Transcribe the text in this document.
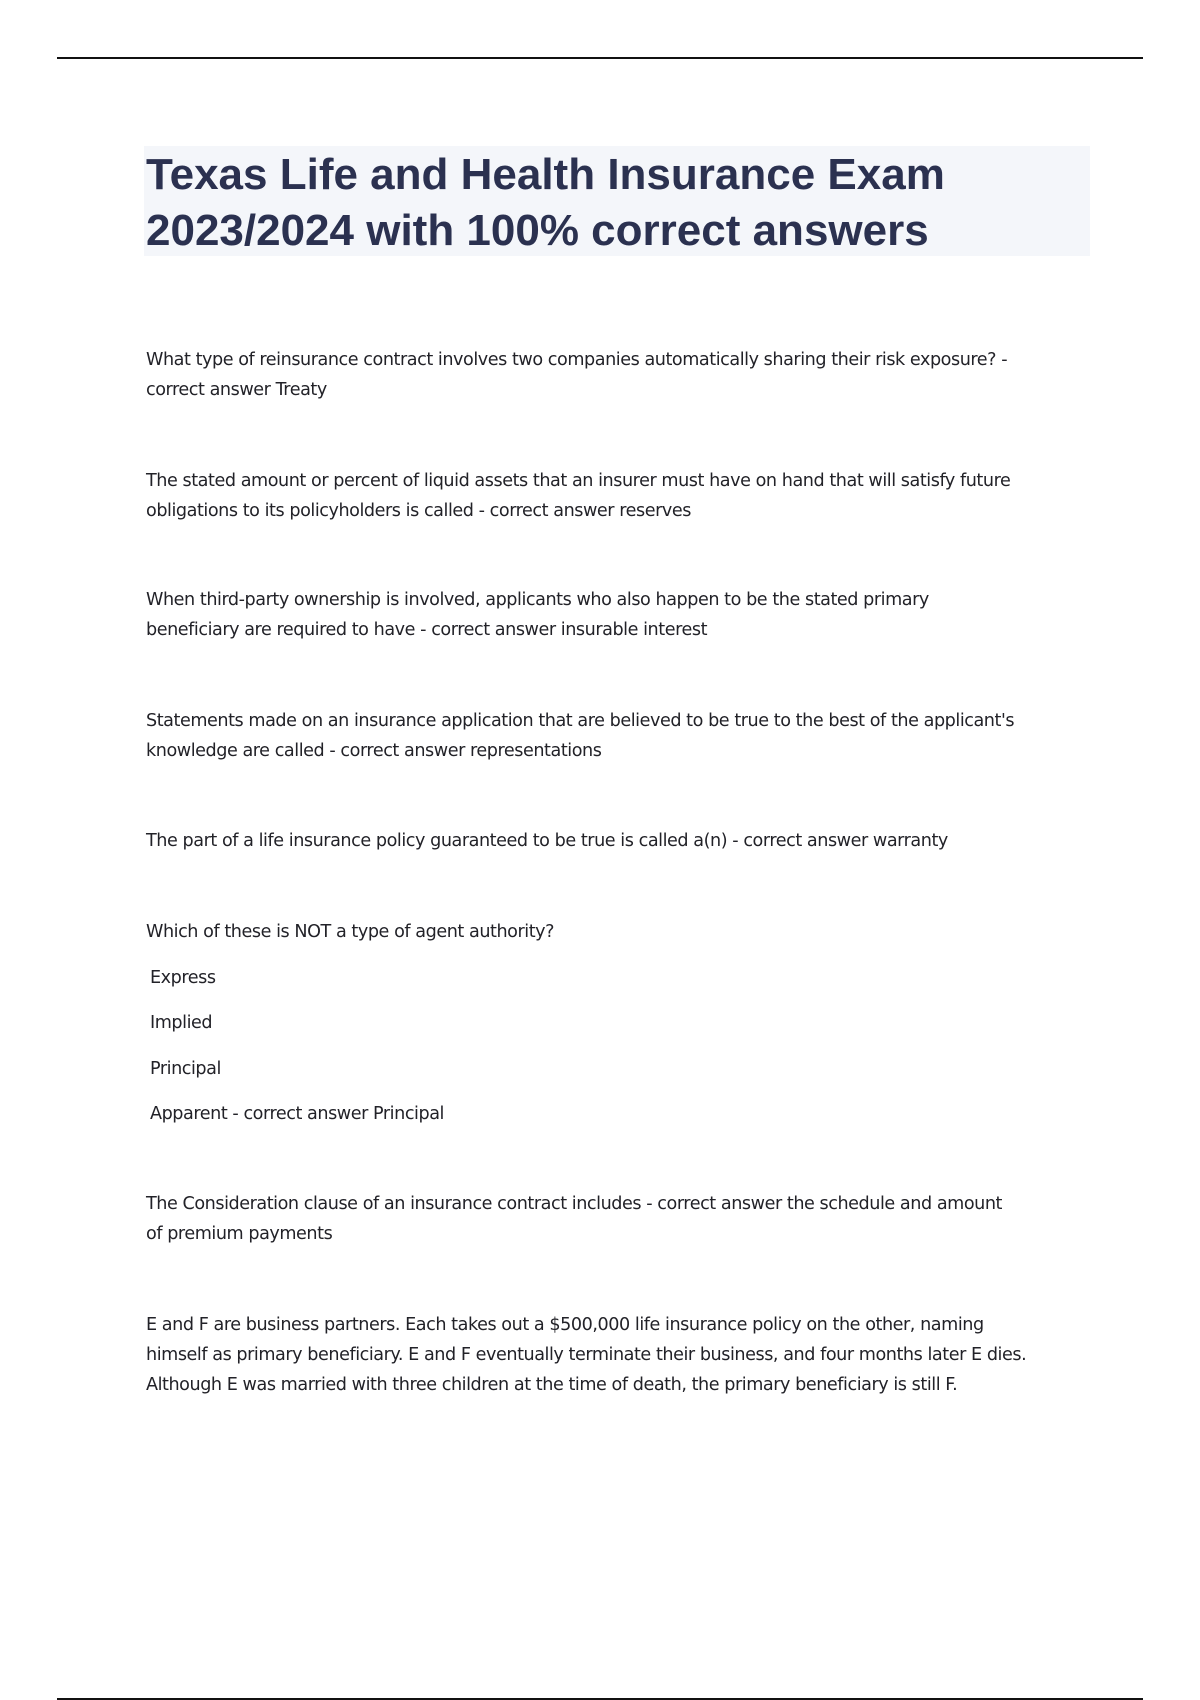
Texas Life and Health Insurance Exam
2023/2024 with 100% correct answers

What type of reinsurance contract involves two companies automatically sharing their risk exposure? -
correct answer Treaty

The stated amount or percent of liquid assets that an insurer must have on hand that will satisfy future
obligations to its policyholders is called - correct answer reserves

When third-party ownership is involved, applicants who also happen to be the stated primary
beneficiary are required to have - correct answer insurable interest

Statements made on an insurance application that are believed to be true to the best of the applicant's
knowledge are called - correct answer representations

The part of a life insurance policy guaranteed to be true is called a(n) - correct answer warranty

Which of these is NOT a type of agent authority?

Express

Implied

Principal

Apparent - correct answer Principal

The Consideration clause of an insurance contract includes - correct answer the schedule and amount
of premium payments

E and F are business partners. Each takes out a $500,000 life insurance policy on the other, naming
himself as primary beneficiary. E and F eventually terminate their business, and four months later E dies.
Although E was married with three children at the time of death, the primary beneficiary is still F.
